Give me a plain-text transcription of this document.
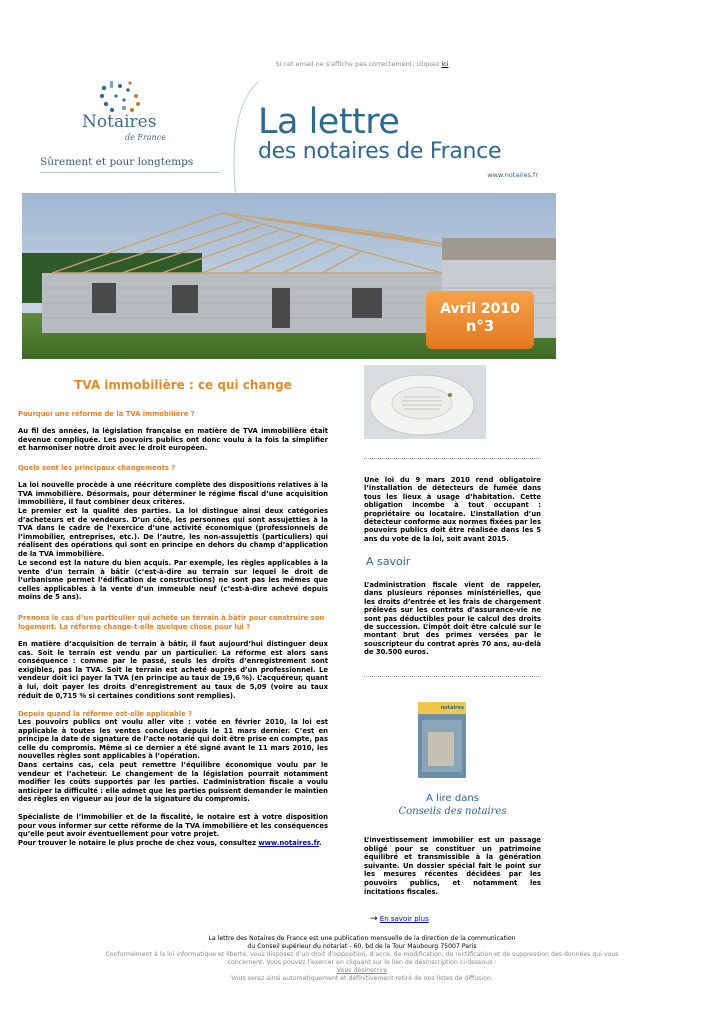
Si cet email ne s'affiche pas correctement, cliquez ici
Notaires
de France
Sûrement et pour longtemps
La lettre
des notaires de France
www.notaires.fr
Avril 2010
n°3
TVA immobilière : ce qui change
Pourquoi une réforme de la TVA immobilière ?
Au fil des années, la législation française en matière de TVA immobilière était devenue compliquée. Les pouvoirs publics ont donc voulu à la fois la simplifier et harmoniser notre droit avec le droit européen.
Quels sont les principaux changements ?
La loi nouvelle procède à une réécriture complète des dispositions relatives à la TVA immobilière. Désormais, pour déterminer le régime fiscal d’une acquisition immobilière, il faut combiner deux critères.
Le premier est la qualité des parties. La loi distingue ainsi deux catégories d’acheteurs et de vendeurs. D’un côté, les personnes qui sont assujetties à la TVA dans le cadre de l’exercice d’une activité économique (professionnels de l’immobilier, entreprises, etc.). De l’autre, les non-assujettis (particuliers) qui réalisent des opérations qui sont en principe en dehors du champ d’application de la TVA immobilière.
Le second est la nature du bien acquis. Par exemple, les règles applicables à la vente d’un terrain à bâtir (c’est-à-dire au terrain sur lequel le droit de l’urbanisme permet l’édification de constructions) ne sont pas les mêmes que celles applicables à la vente d’un immeuble neuf (c’est-à-dire achevé depuis moins de 5 ans).
Prenons le cas d’un particulier qui achète un terrain à bâtir pour construire son logement. La réforme change-t-elle quelque chose pour lui ?
En matière d’acquisition de terrain à bâtir, il faut aujourd’hui distinguer deux cas. Soit le terrain est vendu par un particulier. La réforme est alors sans conséquence : comme par le passé, seuls les droits d’enregistrement sont exigibles, pas la TVA. Soit le terrain est acheté auprès d’un professionnel. Le vendeur doit ici payer la TVA (en principe au taux de 19,6 %). L’acquéreur, quant à lui, doit payer les droits d’enregistrement au taux de 5,09 (voire au taux réduit de 0,715 % si certaines conditions sont remplies).
Depuis quand la réforme est-elle applicable ?
Les pouvoirs publics ont voulu aller vite : votée en février 2010, la loi est applicable à toutes les ventes conclues depuis le 11 mars dernier. C’est en principe la date de signature de l’acte notarié qui doit être prise en compte, pas celle du compromis. Même si ce dernier a été signé avant le 11 mars 2010, les nouvelles règles sont applicables à l’opération.
Dans certains cas, cela peut remettre l’équilibre économique voulu par le vendeur et l’acheteur. Le changement de la législation pourrait notamment modifier les coûts supportés par les parties. L’administration fiscale a voulu anticiper la difficulté : elle admet que les parties puissent demander le maintien des règles en vigueur au jour de la signature du compromis.
Spécialiste de l’immobilier et de la fiscalité, le notaire est à votre disposition pour vous informer sur cette réforme de la TVA immobilière et les conséquences qu’elle peut avoir éventuellement pour votre projet.
Pour trouver le notaire le plus proche de chez vous, consultez www.notaires.fr.
Une loi du 9 mars 2010 rend obligatoire l’installation de détecteurs de fumée dans tous les lieux à usage d’habitation. Cette obligation incombe à tout occupant : propriétaire ou locataire. L’installation d’un détecteur conforme aux normes fixées par les pouvoirs publics doit être réalisée dans les 5 ans du vote de la loi, soit avant 2015.
A savoir
L’administration fiscale vient de rappeler, dans plusieurs réponses ministérielles, que les droits d’entrée et les frais de chargement prélevés sur les contrats d’assurance-vie ne sont pas déductibles pour le calcul des droits de succession. L’impôt doit être calculé sur le montant brut des primes versées par le souscripteur du contrat après 70 ans, au-delà de 30.500 euros.
notaires
A lire dans
Conseils des notaires
L’investissement immobilier est un passage obligé pour se constituer un patrimoine équilibré et transmissible à la génération suivante. Un dossier spécial fait le point sur les mesures récentes décidées par les pouvoirs publics, et notamment les incitations fiscales.
→ En savoir plus
La lettre des Notaires de France est une publication mensuelle de la direction de la communication
du Conseil supérieur du notariat - 60, bd de la Tour Maubourg 75007 Paris
Conformément à la loi informatique et liberté, vous disposez d’un droit d’opposition, d’accè, de modification, de rectification et de suppression des données qui vous
concernent. Vous pouvez l’exercer en cliquant sur le lien de désinscription ci-dessous :
Vous désinscrire
Vous serez ainsi automatiquement et définitivement retiré de nos listes de diffusion.
